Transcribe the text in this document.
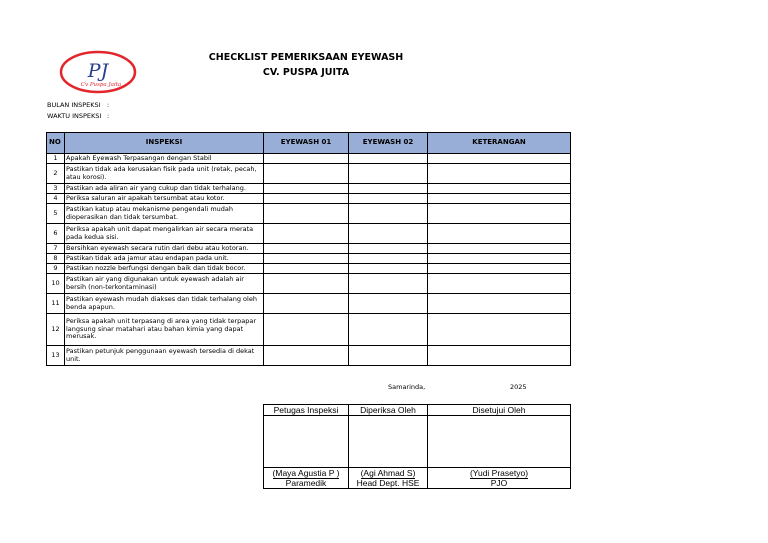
PJ
Cv Puspa Jaita
CHECKLIST PEMERIKSAAN EYEWASH
CV. PUSPA JUITA
BULAN INSPEKSI :
WAKTU INSPEKSI :
NO	INSPEKSI	EYEWASH 01	EYEWASH 02	KETERANGAN
1	Apakah Eyewash Terpasangan dengan Stabil			
2	Pastikan tidak ada kerusakan fisik pada unit (retak, pecah, atau korosi).			
3	Pastikan ada aliran air yang cukup dan tidak terhalang.			
4	Periksa saluran air apakah tersumbat atau kotor.			
5	Pastikan katup atau mekanisme pengendali mudah dioperasikan dan tidak tersumbat.			
6	Periksa apakah unit dapat mengalirkan air secara merata pada kedua sisi.			
7	Bersihkan eyewash secara rutin dari debu atau kotoran.			
8	Pastikan tidak ada jamur atau endapan pada unit.			
9	Pastikan nozzle berfungsi dengan baik dan tidak bocor.			
10	Pastikan air yang digunakan untuk eyewash adalah air bersih (non-terkontaminasi)			
11	Pastikan eyewash mudah diakses dan tidak terhalang oleh benda apapun.			
12	Periksa apakah unit terpasang di area yang tidak terpapar langsung sinar matahari atau bahan kimia yang dapat merusak.			
13	Pastikan petunjuk penggunaan eyewash tersedia di dekat unit.			
Samarinda,	2025
Petugas Inspeksi	Diperiksa Oleh	Disetujui Oleh

(Maya Agustia P )	(Agi Ahmad S)	(Yudi Prasetyo)
Paramedik	Head Dept. HSE	PJO
